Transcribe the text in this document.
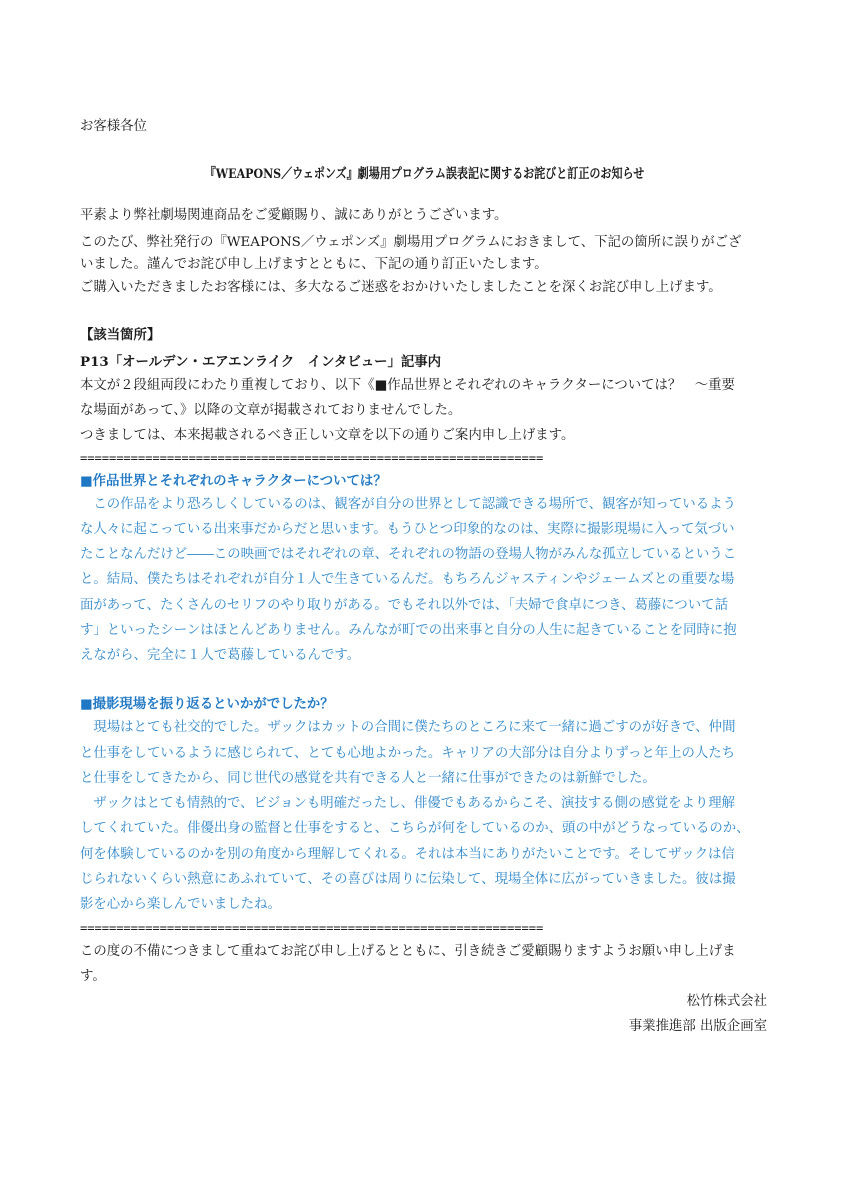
お客様各位
『WEAPONS／ウェポンズ』劇場用プログラム誤表記に関するお詫びと訂正のお知らせ
平素より弊社劇場関連商品をご愛顧賜り、誠にありがとうございます。
このたび、弊社発行の『WEAPONS／ウェポンズ』劇場用プログラムにおきまして、下記の箇所に誤りがござ
いました。謹んでお詫び申し上げますとともに、下記の通り訂正いたします。
ご購入いただきましたお客様には、多大なるご迷惑をおかけいたしましたことを深くお詫び申し上げます。
【該当箇所】
P13「オールデン・エアエンライク　インタビュー」記事内
本文が２段組両段にわたり重複しており、以下《■作品世界とそれぞれのキャラクターについては？　～重要
な場面があって、》以降の文章が掲載されておりませんでした。
つきましては、本来掲載されるべき正しい文章を以下の通りご案内申し上げます。
================================================================
■作品世界とそれぞれのキャラクターについては？
　この作品をより恐ろしくしているのは、観客が自分の世界として認識できる場所で、観客が知っているよう
な人々に起こっている出来事だからだと思います。もうひとつ印象的なのは、実際に撮影現場に入って気づい
たことなんだけど――この映画ではそれぞれの章、それぞれの物語の登場人物がみんな孤立しているというこ
と。結局、僕たちはそれぞれが自分１人で生きているんだ。もちろんジャスティンやジェームズとの重要な場
面があって、たくさんのセリフのやり取りがある。でもそれ以外では、「夫婦で食卓につき、葛藤について話
す」といったシーンはほとんどありません。みんなが町での出来事と自分の人生に起きていることを同時に抱
えながら、完全に１人で葛藤しているんです。
■撮影現場を振り返るといかがでしたか？
　現場はとても社交的でした。ザックはカットの合間に僕たちのところに来て一緒に過ごすのが好きで、仲間
と仕事をしているように感じられて、とても心地よかった。キャリアの大部分は自分よりずっと年上の人たち
と仕事をしてきたから、同じ世代の感覚を共有できる人と一緒に仕事ができたのは新鮮でした。
　ザックはとても情熱的で、ビジョンも明確だったし、俳優でもあるからこそ、演技する側の感覚をより理解
してくれていた。俳優出身の監督と仕事をすると、こちらが何をしているのか、頭の中がどうなっているのか、
何を体験しているのかを別の角度から理解してくれる。それは本当にありがたいことです。そしてザックは信
じられないくらい熱意にあふれていて、その喜びは周りに伝染して、現場全体に広がっていきました。彼は撮
影を心から楽しんでいましたね。
================================================================
この度の不備につきまして重ねてお詫び申し上げるとともに、引き続きご愛顧賜りますようお願い申し上げま
す。
松竹株式会社
事業推進部 出版企画室
